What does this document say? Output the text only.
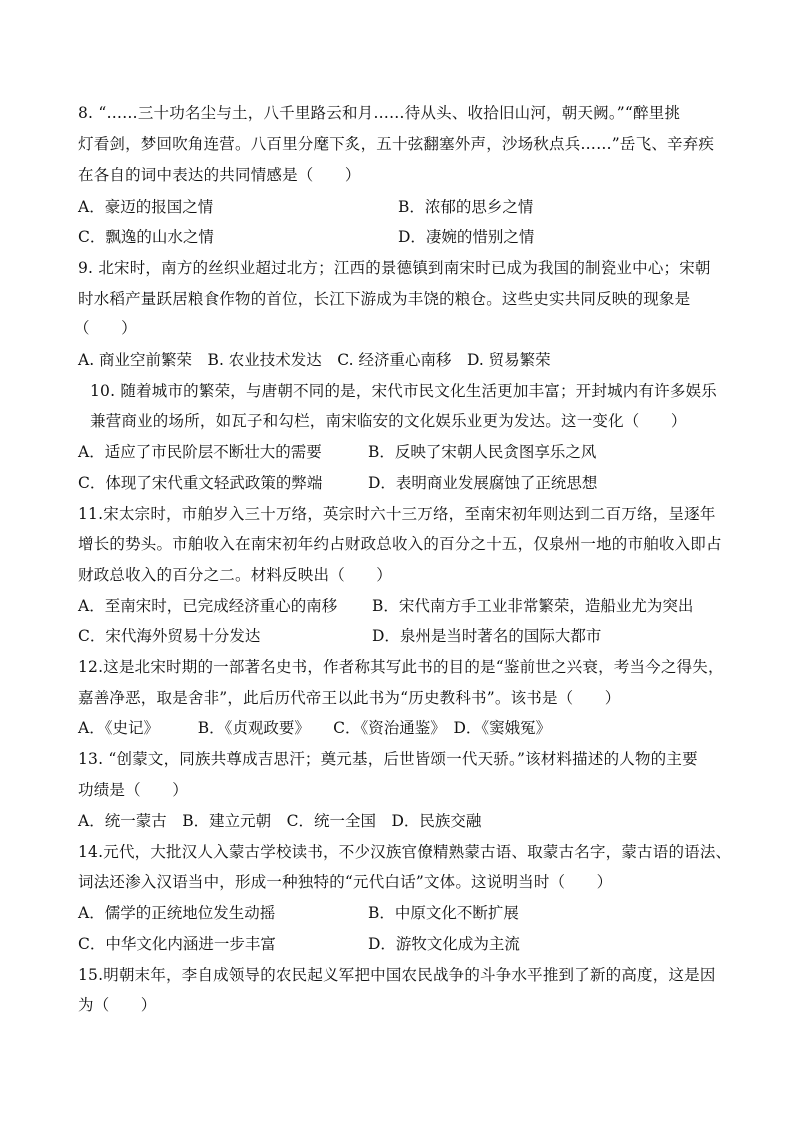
8. “……三十功名尘与土，八千里路云和月……待从头、收拾旧山河，朝天阙。”“醉里挑
灯看剑，梦回吹角连营。八百里分麾下炙，五十弦翻塞外声，沙场秋点兵……”岳飞、辛弃疾
在各自的词中表达的共同情感是（　　）
A．豪迈的报国之情	B．浓郁的思乡之情
C．飘逸的山水之情	D．凄婉的惜别之情
9. 北宋时，南方的丝织业超过北方；江西的景德镇到南宋时已成为我国的制瓷业中心；宋朝
时水稻产量跃居粮食作物的首位，长江下游成为丰饶的粮仓。这些史实共同反映的现象是
（　　）
A. 商业空前繁荣　B. 农业技术发达　C. 经济重心南移　D. 贸易繁荣
10. 随着城市的繁荣，与唐朝不同的是，宋代市民文化生活更加丰富；开封城内有许多娱乐
兼营商业的场所，如瓦子和勾栏，南宋临安的文化娱乐业更为发达。这一变化（　　）
A．适应了市民阶层不断壮大的需要	B．反映了宋朝人民贪图享乐之风
C．体现了宋代重文轻武政策的弊端	D．表明商业发展腐蚀了正统思想
11.宋太宗时，市舶岁入三十万络，英宗时六十三万络，至南宋初年则达到二百万络，呈逐年
增长的势头。市舶收入在南宋初年约占财政总收入的百分之十五，仅泉州一地的市舶收入即占
财政总收入的百分之二。材料反映出（　　）
A．至南宋时，已完成经济重心的南移 B．宋代南方手工业非常繁荣，造船业尤为突出
C．宋代海外贸易十分发达	D．泉州是当时著名的国际大都市
12.这是北宋时期的一部著名史书，作者称其写此书的目的是“鉴前世之兴衰，考当今之得失，
嘉善净恶，取是舍非”，此后历代帝王以此书为“历史教科书”。该书是（　　）
A．《史记》　　　B．《贞观政要》　　C．《资治通鉴》　D．《窦娥冤》
13. “创蒙文，同族共尊成吉思汗；奠元基，后世皆颂一代天骄。”该材料描述的人物的主要
功绩是（　　）
A．统一蒙古　B．建立元朝　C．统一全国　D．民族交融
14.元代，大批汉人入蒙古学校读书，不少汉族官僚精熟蒙古语、取蒙古名字，蒙古语的语法、
词法还渗入汉语当中，形成一种独特的“元代白话”文体。这说明当时（　　）
A．儒学的正统地位发生动摇	B．中原文化不断扩展
C．中华文化内涵进一步丰富	D．游牧文化成为主流
15.明朝末年，李自成领导的农民起义军把中国农民战争的斗争水平推到了新的高度，这是因
为（　　）
